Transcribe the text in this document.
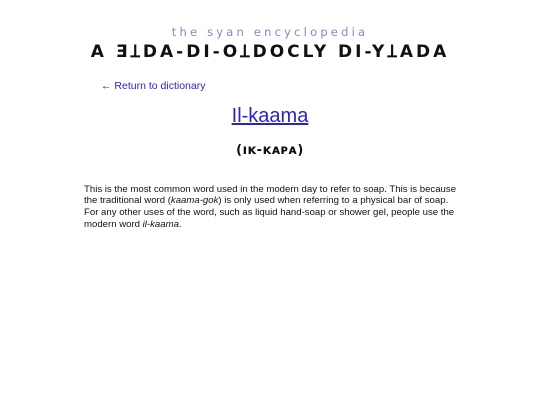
the syan encyclopedia
A ƎꞱDA-DI-OꞱDOCLY DI-YꞱADA
← Return to dictionary
Il-kaama
(ıᴋ-ᴋᴀᴘᴀ)

This is the most common word used in the modern day to refer to soap. This is because the traditional word (kaama-gok) is only used when referring to a physical bar of soap. For any other uses of the word, such as liquid hand-soap or shower gel, people use the modern word il-kaama.
